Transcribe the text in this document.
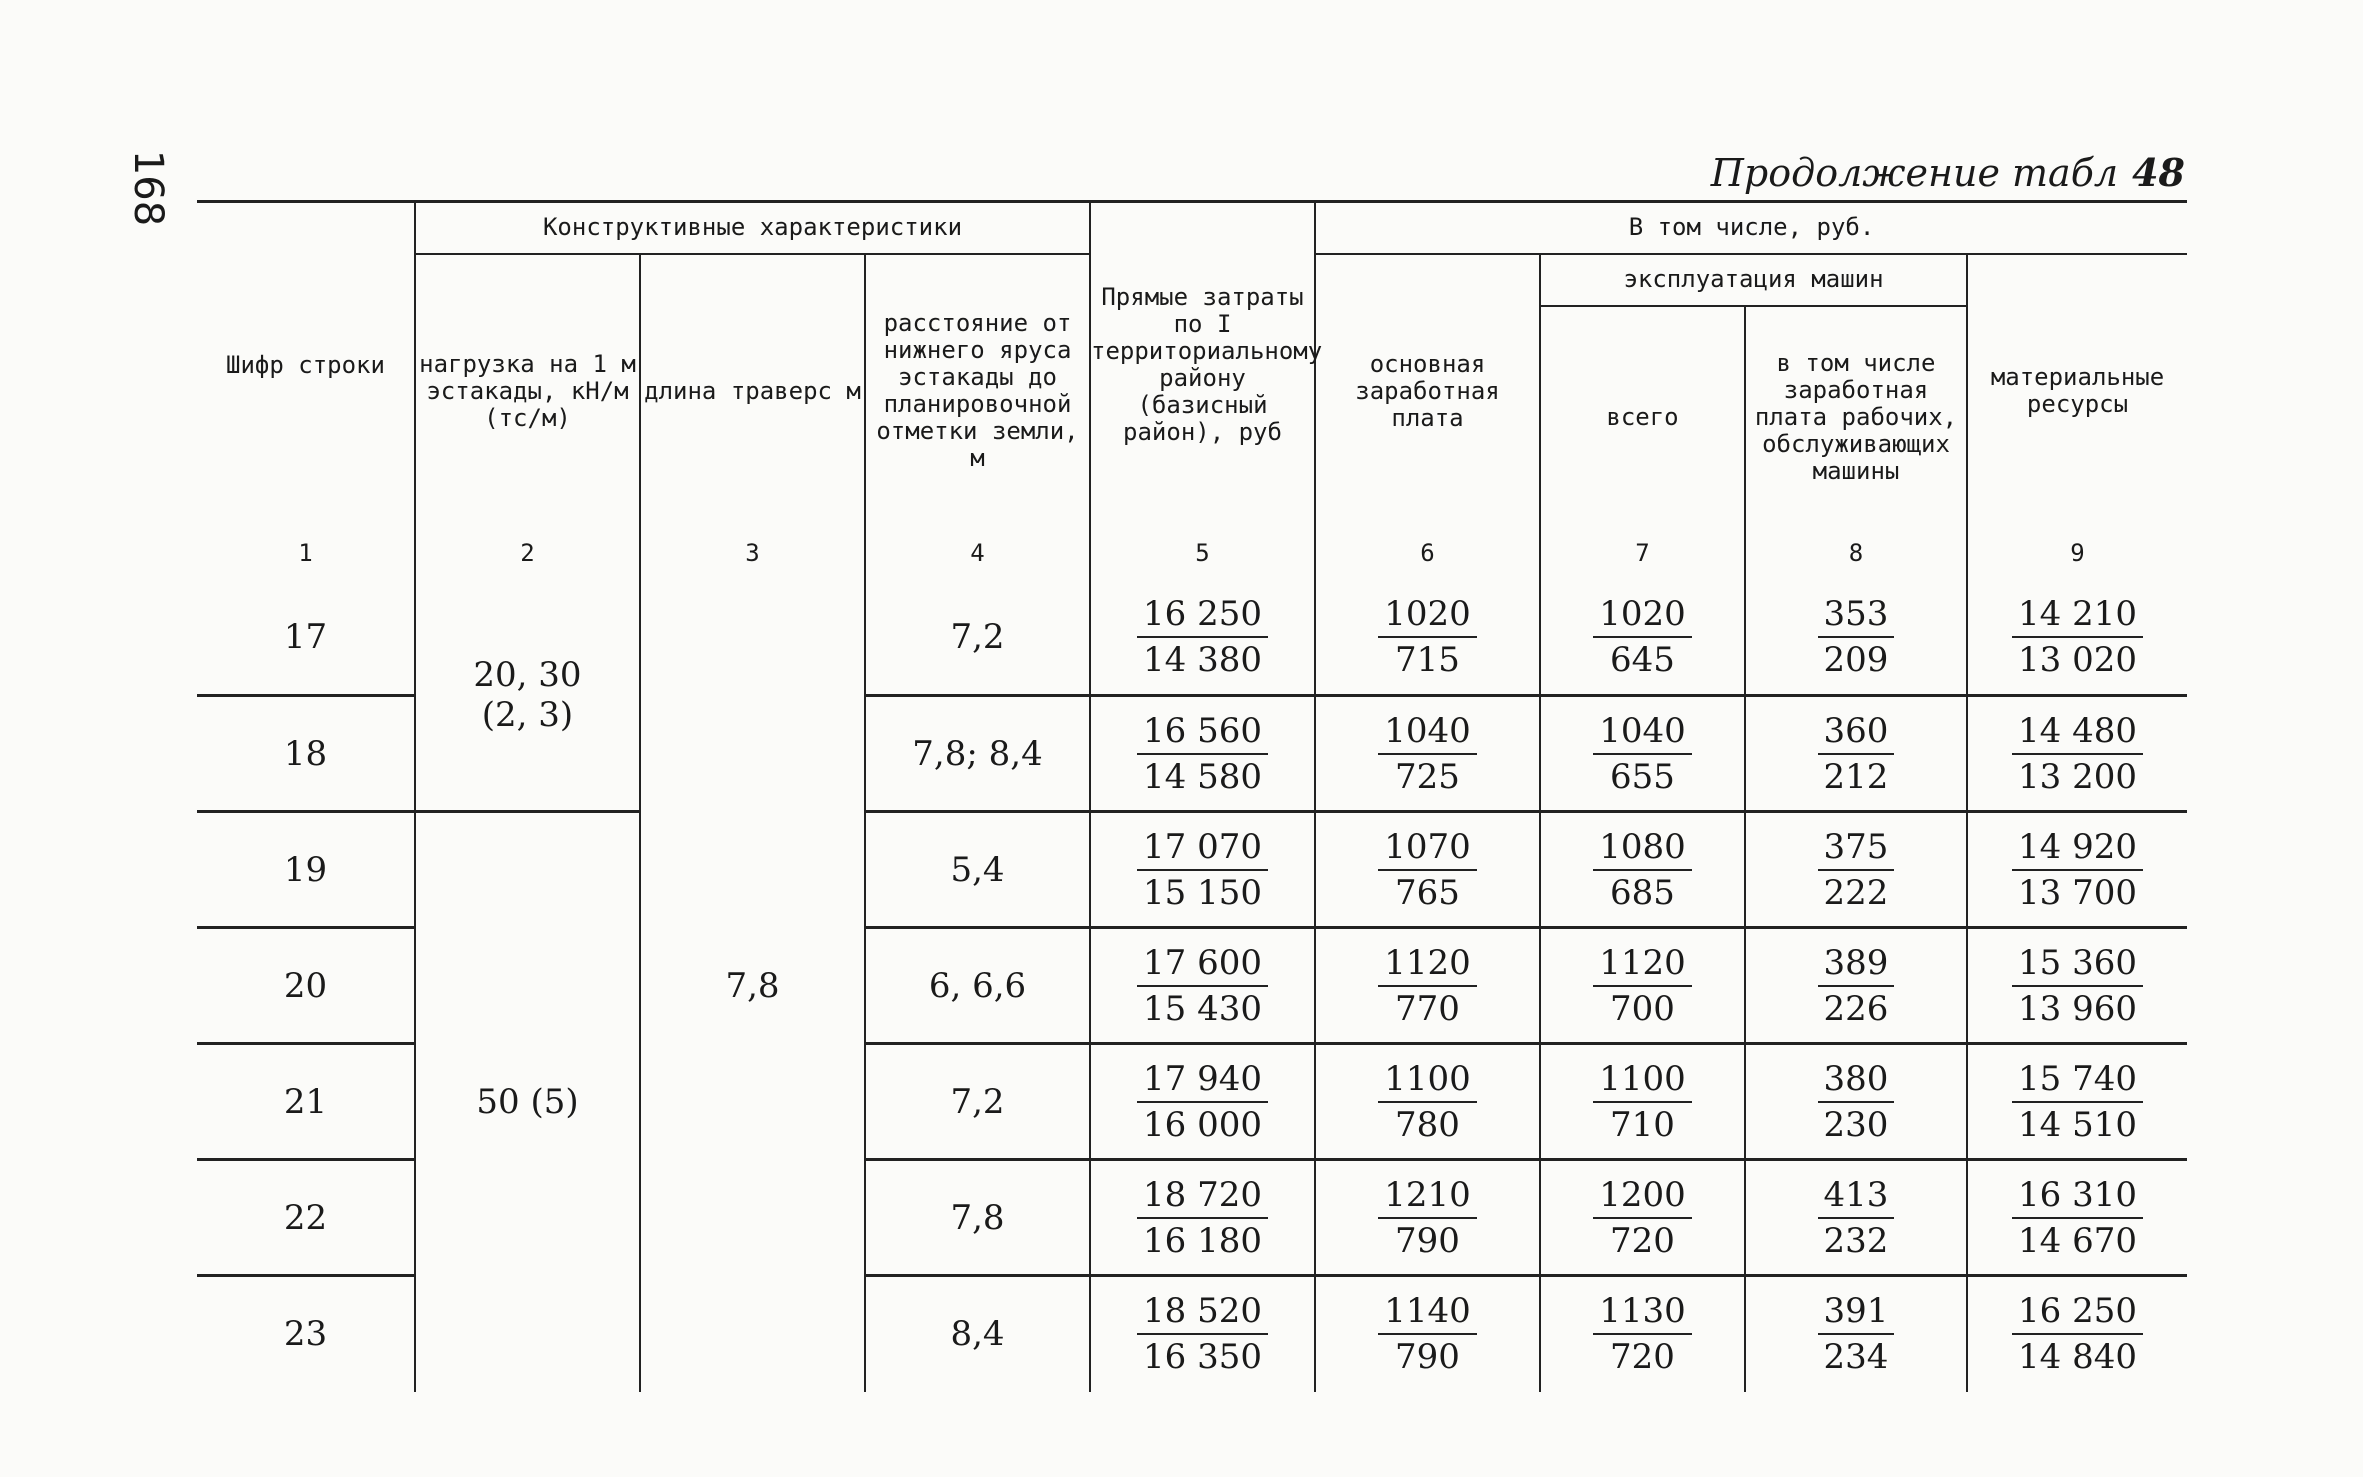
168	Продолжение табл 48
Шифр строки	Конструктивные характеристики			Прямые затраты по I территориальному району (базисный район), руб	В том числе, руб.			
	нагрузка на 1 м эстакады, кН/м (тс/м)	длина траверс м	расстояние от нижнего яруса эстакады до планировочной отметки земли, м		основная заработная плата	эксплуатация машин		материальные ресурсы
						всего	в том числе заработная плата рабочих, обслуживающих машины	
1	2	3	4	5	6	7	8	9
17	20, 30 (2, 3)	7,8	7,2	$\frac{16 250}{14 380}$	$\frac{1020}{715}$	$\frac{1020}{645}$	$\frac{353}{209}$	$\frac{14 210}{13 020}$

18			7,8; 8,4	$\frac{16 560}{14 580}$	$\frac{1040}{725}$	$\frac{1040}{655}$	$\frac{360}{212}$	$\frac{14 480}{13 200}$

19	50 (5)		5,4	$\frac{17 070}{15 150}$	$\frac{1070}{765}$	$\frac{1080}{685}$	$\frac{375}{222}$	$\frac{14 920}{13 700}$

20			6, 6,6	$\frac{17 600}{15 430}$	$\frac{1120}{770}$	$\frac{1120}{700}$	$\frac{389}{226}$	$\frac{15 360}{13 960}$

21			7,2	$\frac{17 940}{16 000}$	$\frac{1100}{780}$	$\frac{1100}{710}$	$\frac{380}{230}$	$\frac{15 740}{14 510}$

22			7,8	$\frac{18 720}{16 180}$	$\frac{1210}{790}$	$\frac{1200}{720}$	$\frac{413}{232}$	$\frac{16 310}{14 670}$

23			8,4	$\frac{18 520}{16 350}$	$\frac{1140}{790}$	$\frac{1130}{720}$	$\frac{391}{234}$	$\frac{16 250}{14 840}$
